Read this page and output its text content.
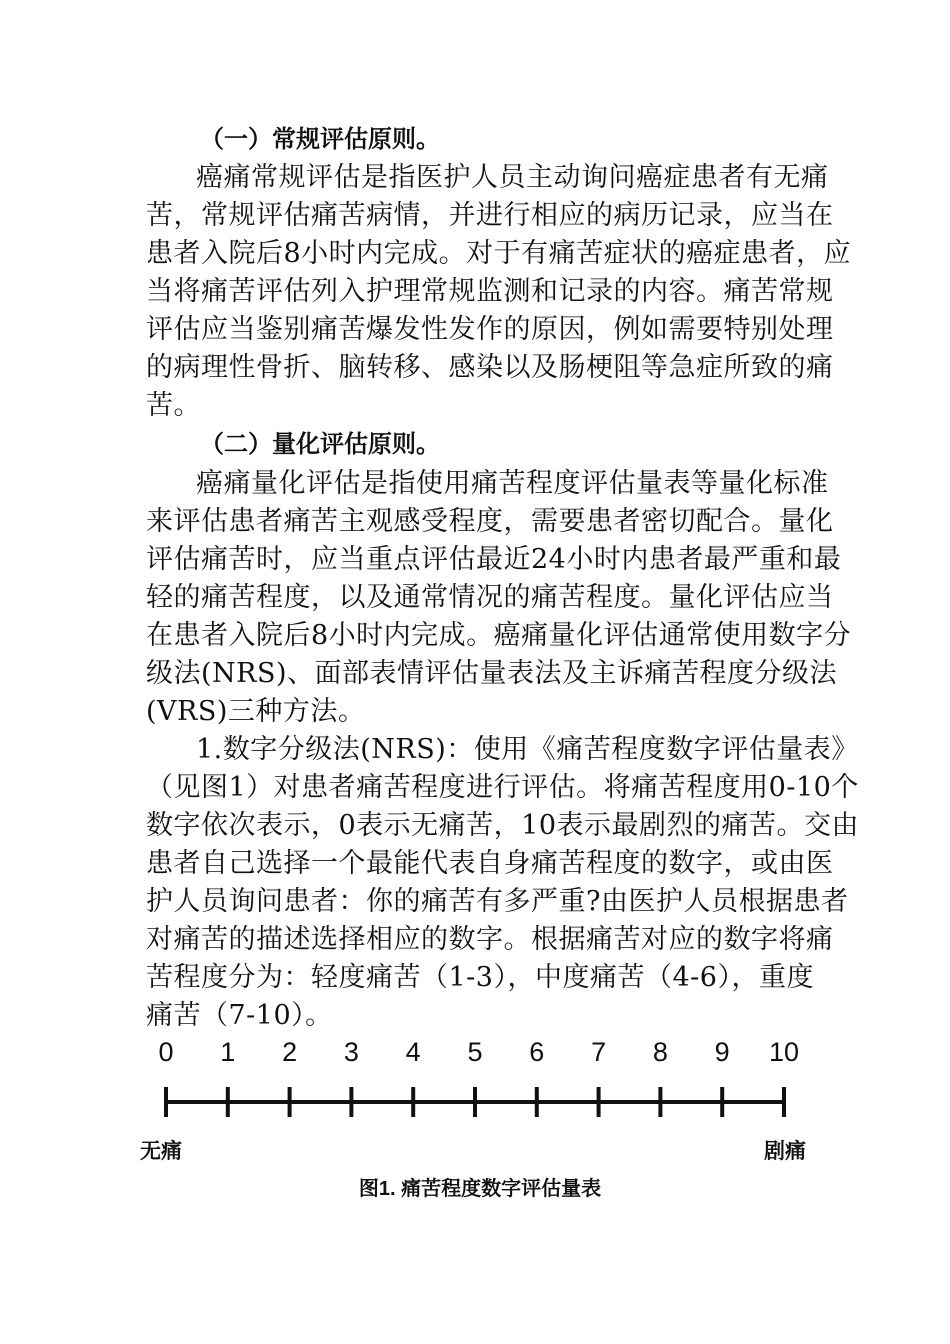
（一）常规评估原则。
癌痛常规评估是指医护人员主动询问癌症患者有无痛
苦，常规评估痛苦病情，并进行相应的病历记录，应当在
患者入院后8小时内完成。对于有痛苦症状的癌症患者，应
当将痛苦评估列入护理常规监测和记录的内容。痛苦常规
评估应当鉴别痛苦爆发性发作的原因，例如需要特别处理
的病理性骨折、脑转移、感染以及肠梗阻等急症所致的痛
苦。
（二）量化评估原则。
癌痛量化评估是指使用痛苦程度评估量表等量化标准
来评估患者痛苦主观感受程度，需要患者密切配合。量化
评估痛苦时，应当重点评估最近24小时内患者最严重和最
轻的痛苦程度，以及通常情况的痛苦程度。量化评估应当
在患者入院后8小时内完成。癌痛量化评估通常使用数字分
级法(NRS)、面部表情评估量表法及主诉痛苦程度分级法
(VRS)三种方法。
1.数字分级法(NRS)：使用《痛苦程度数字评估量表》
（见图1）对患者痛苦程度进行评估。将痛苦程度用0-10个
数字依次表示，0表示无痛苦，10表示最剧烈的痛苦。交由
患者自己选择一个最能代表自身痛苦程度的数字，或由医
护人员询问患者：你的痛苦有多严重?由医护人员根据患者
对痛苦的描述选择相应的数字。根据痛苦对应的数字将痛
苦程度分为：轻度痛苦（1-3），中度痛苦（4-6），重度
痛苦（7-10）。
0 1 2 3 4 5 6 7 8 9 10
无痛	剧痛
图1. 痛苦程度数字评估量表
